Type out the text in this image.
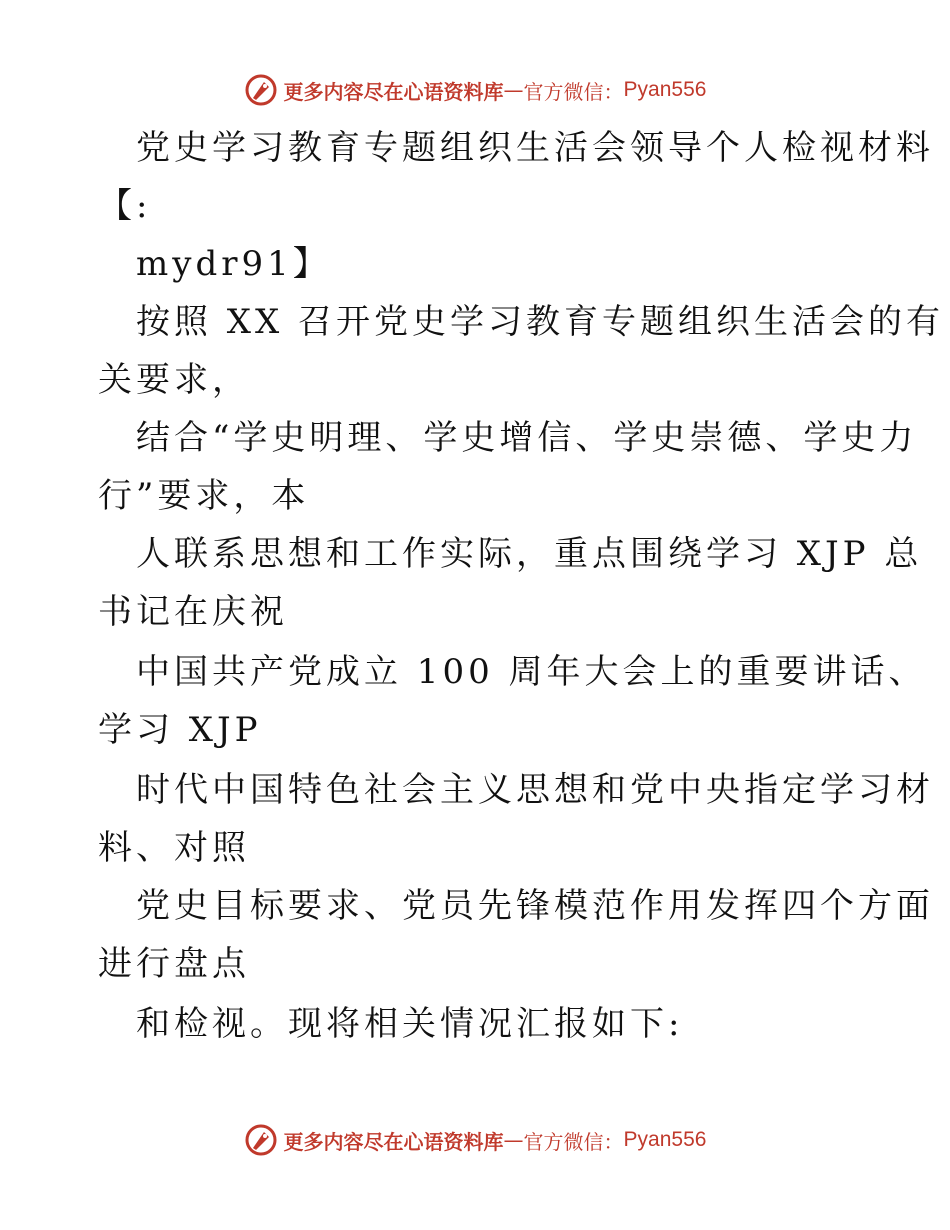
更多内容尽在心语资料库 — 官方微信： Pyan556
党史学习教育专题组织生活会领导个人检视材料
【:
mydr91】
按照 XX 召开党史学习教育专题组织生活会的有
关要求，
结合“学史明理、学史增信、学史崇德、学史力
行”要求，本
人联系思想和工作实际，重点围绕学习 XJP 总
书记在庆祝
中国共产党成立 100 周年大会上的重要讲话、
学习 XJP
时代中国特色社会主义思想和党中央指定学习材
料、对照
党史目标要求、党员先锋模范作用发挥四个方面
进行盘点
和检视。现将相关情况汇报如下:
更多内容尽在心语资料库 — 官方微信： Pyan556
